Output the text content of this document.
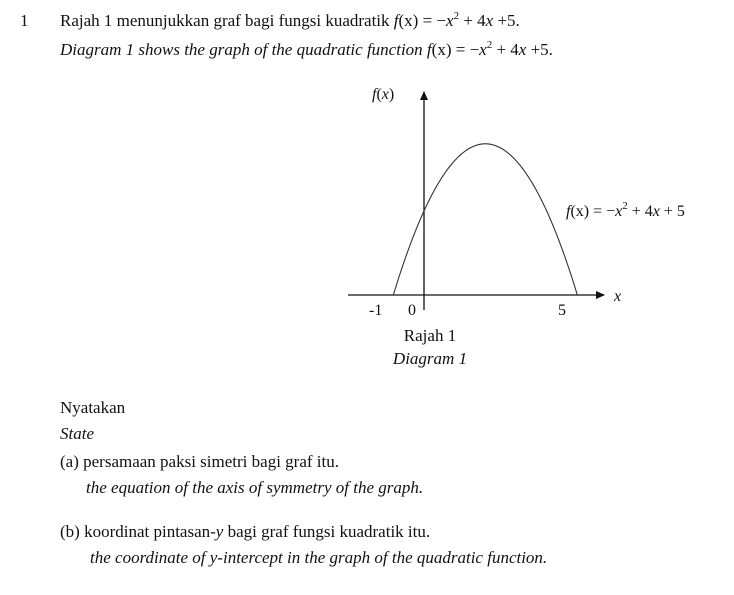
1 Rajah 1 menunjukkan graf bagi fungsi kuadratik $f(x) = -x^2 + 4x +5$.
Diagram 1 shows the graph of the quadratic function $f(x) = -x^2 + 4x +5$.
f(x)
x
-1 0	5
$f(x) = -x^2 + 4x + 5$
Rajah 1
Diagram 1
Nyatakan
State
(a) persamaan paksi simetri bagi graf itu.
the equation of the axis of symmetry of the graph.
(b) koordinat pintasan-y bagi graf fungsi kuadratik itu.
the coordinate of y-intercept in the graph of the quadratic function.
